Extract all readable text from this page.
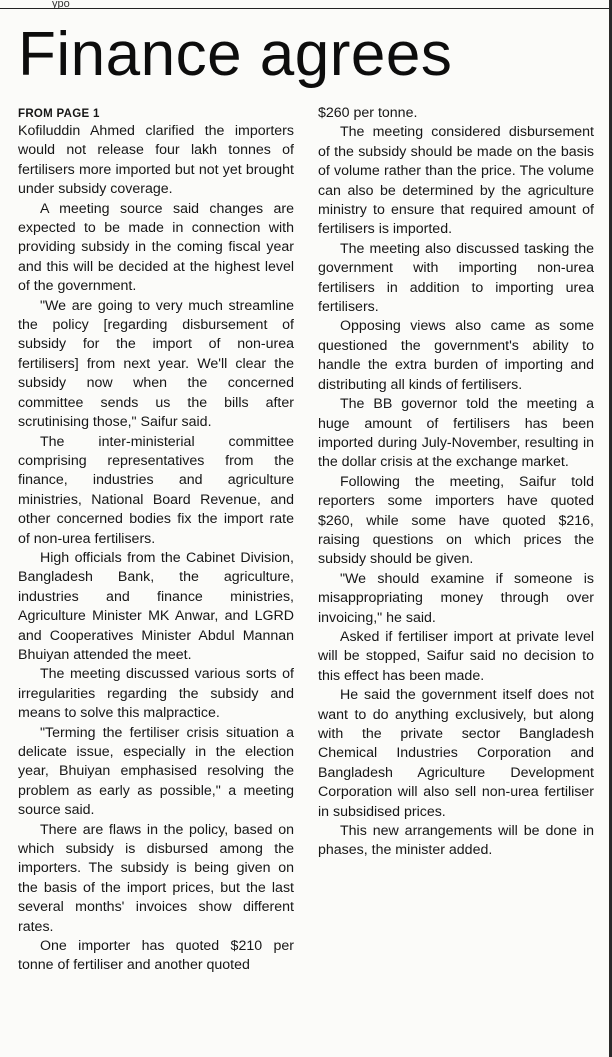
ypo
Finance agrees
FROM PAGE 1

Kofiluddin Ahmed clarified the importers would not release four lakh tonnes of fertilisers more imported but not yet brought under subsidy coverage.

A meeting source said changes are expected to be made in connection with providing subsidy in the coming fiscal year and this will be decided at the highest level of the government.

"We are going to very much streamline the policy [regarding disbursement of subsidy for the import of non-urea fertilisers] from next year. We'll clear the subsidy now when the concerned committee sends us the bills after scrutinising those," Saifur said.

The inter-ministerial committee comprising representatives from the finance, industries and agriculture ministries, National Board Revenue, and other concerned bodies fix the import rate of non-urea fertilisers.

High officials from the Cabinet Division, Bangladesh Bank, the agriculture, industries and finance ministries, Agriculture Minister MK Anwar, and LGRD and Cooperatives Minister Abdul Mannan Bhuiyan attended the meet.

The meeting discussed various sorts of irregularities regarding the subsidy and means to solve this malpractice.

"Terming the fertiliser crisis situation a delicate issue, especially in the election year, Bhuiyan emphasised resolving the problem as early as possible," a meeting source said.

There are flaws in the policy, based on which subsidy is disbursed among the importers. The subsidy is being given on the basis of the import prices, but the last several months' invoices show different rates.

One importer has quoted $210 per tonne of fertiliser and another quoted

$260 per tonne.

The meeting considered disbursement of the subsidy should be made on the basis of volume rather than the price. The volume can also be determined by the agriculture ministry to ensure that required amount of fertilisers is imported.

The meeting also discussed tasking the government with importing non-urea fertilisers in addition to importing urea fertilisers.

Opposing views also came as some questioned the government's ability to handle the extra burden of importing and distributing all kinds of fertilisers.

The BB governor told the meeting a huge amount of fertilisers has been imported during July-November, resulting in the dollar crisis at the exchange market.

Following the meeting, Saifur told reporters some importers have quoted $260, while some have quoted $216, raising questions on which prices the subsidy should be given.

"We should examine if someone is misappropriating money through over invoicing," he said.

Asked if fertiliser import at private level will be stopped, Saifur said no decision to this effect has been made.

He said the government itself does not want to do anything exclusively, but along with the private sector Bangladesh Chemical Industries Corporation and Bangladesh Agriculture Development Corporation will also sell non-urea fertiliser in subsidised prices.

This new arrangements will be done in phases, the minister added.
